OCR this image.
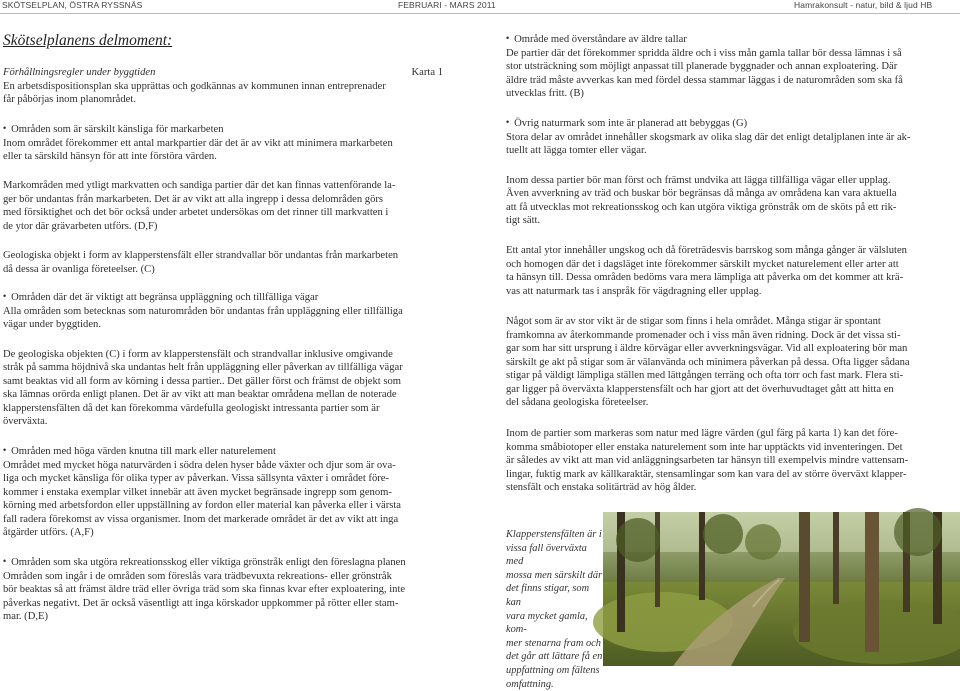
SKÖTSELPLAN, ÖSTRA RYSSNÄS	FEBRUARI - MARS 2011	Hamrakonsult - natur, bild & ljud HB
Skötselplanens delmoment:
Förhållningsregler under byggtiden	Karta 1
En arbetsdispositionsplan ska upprättas och godkännas av kommunen innan entreprenader
får påbörjas inom planområdet.
• Områden som är särskilt känsliga för markarbeten
Inom området förekommer ett antal markpartier där det är av vikt att minimera markarbeten
eller ta särskild hänsyn för att inte förstöra värden.
Markområden med ytligt markvatten och sandiga partier där det kan finnas vattenförande la-
ger bör undantas från markarbeten. Det är av vikt att alla ingrepp i dessa delområden görs
med försiktighet och det bör också under arbetet undersökas om det rinner till markvatten i
de ytor där grävarbeten utförs. (D,F)
Geologiska objekt i form av klapperstensfält eller strandvallar bör undantas från markarbeten
då dessa är ovanliga företeelser. (C)
• Områden där det är viktigt att begränsa uppläggning och tillfälliga vägar
Alla områden som betecknas som naturområden bör undantas från uppläggning eller tillfälliga
vägar under byggtiden.
De geologiska objekten (C) i form av klapperstensfält och strandvallar inklusive omgivande
stråk på samma höjdnivå ska undantas helt från uppläggning eller påverkan av tillfälliga vägar
samt beaktas vid all form av körning i dessa partier.. Det gäller först och främst de objekt som
ska lämnas orörda enligt planen. Det är av vikt att man beaktar områdena mellan de noterade
klapperstensfälten då det kan förekomma värdefulla geologiskt intressanta partier som är
överväxta.
• Områden med höga värden knutna till mark eller naturelement
Området med mycket höga naturvärden i södra delen hyser både växter och djur som är ova-
liga och mycket känsliga för olika typer av påverkan. Vissa sällsynta växter i området före-
kommer i enstaka exemplar vilket innebär att även mycket begränsade ingrepp som genom-
körning med arbetsfordon eller uppställning av fordon eller material kan påverka eller i värsta
fall radera förekomst av vissa organismer. Inom det markerade området är det av vikt att inga
åtgärder utförs. (A,F)
• Områden som ska utgöra rekreationsskog eller viktiga grönstråk enligt den föreslagna planen
Områden som ingår i de områden som föreslås vara trädbevuxta rekreations- eller grönstråk
bör beaktas så att främst äldre träd eller övriga träd som ska finnas kvar efter exploatering, inte
påverkas negativt. Det är också väsentligt att inga körskador uppkommer på rötter eller stam-
mar. (D,E)
• Område med överståndare av äldre tallar
De partier där det förekommer spridda äldre och i viss mån gamla tallar bör dessa lämnas i så
stor utsträckning som möjligt anpassat till planerade byggnader och annan exploatering. Där
äldre träd måste avverkas kan med fördel dessa stammar läggas i de naturområden som ska få
utvecklas fritt. (B)
• Övrig naturmark som inte är planerad att bebyggas (G)
Stora delar av området innehåller skogsmark av olika slag där det enligt detaljplanen inte är ak-
tuellt att lägga tomter eller vägar.
Inom dessa partier bör man först och främst undvika att lägga tillfälliga vägar eller upplag.
Även avverkning av träd och buskar bör begränsas då många av områdena kan vara aktuella
att få utvecklas mot rekreationsskog och kan utgöra viktiga grönstråk om de sköts på ett rik-
tigt sätt.
Ett antal ytor innehåller ungskog och då företrädesvis barrskog som många gånger är välsluten
och homogen där det i dagsläget inte förekommer särskilt mycket naturelement eller arter att
ta hänsyn till. Dessa områden bedöms vara mera lämpliga att påverka om det kommer att krä-
vas att naturmark tas i anspråk för vägdragning eller upplag.
Något som är av stor vikt är de stigar som finns i hela området. Många stigar är spontant
framkomna av återkommande promenader och i viss mån även ridning. Dock är det vissa sti-
gar som har sitt ursprung i äldre körvägar eller avverkningsvägar. Vid all exploatering bör man
särskilt ge akt på stigar som är välanvända och minimera påverkan på dessa. Ofta ligger sådana
stigar på väldigt lämpliga ställen med lättgången terräng och ofta torr och fast mark. Flera sti-
gar ligger på överväxta klapperstensfält och har gjort att det överhuvudtaget gått att hitta en
del sådana geologiska företeelser.
Inom de partier som markeras som natur med lägre värden (gul färg på karta 1) kan det före-
komma småbiotoper eller enstaka naturelement som inte har upptäckts vid inventeringen. Det
är således av vikt att man vid anläggningsarbeten tar hänsyn till exempelvis mindre vattensam-
lingar, fuktig mark av källkaraktär, stensamlingar som kan vara del av större överväxt klapper-
stensfält och enstaka solitärträd av hög ålder.
Klapperstensfälten är i
vissa fall överväxta med
mossa men särskilt där
det finns stigar, som kan
vara mycket gamla, kom-
mer stenarna fram och
det går att lättare få en
uppfattning om fältens
omfattning.
